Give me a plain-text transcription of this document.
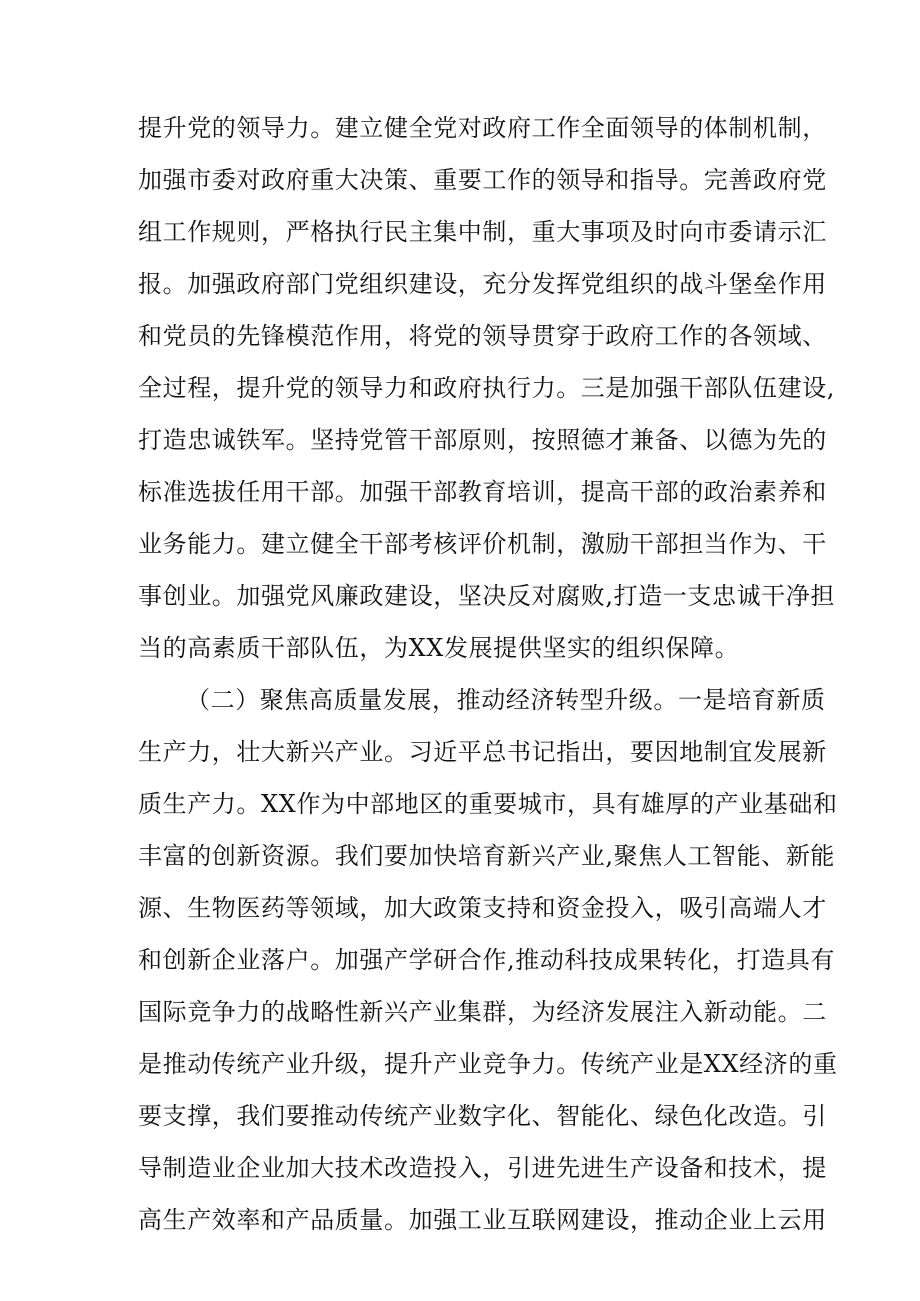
提升党的领导力。建立健全党对政府工作全面领导的体制机制，
加强市委对政府重大决策、重要工作的领导和指导。完善政府党
组工作规则，严格执行民主集中制，重大事项及时向市委请示汇
报。加强政府部门党组织建设，充分发挥党组织的战斗堡垒作用
和党员的先锋模范作用，将党的领导贯穿于政府工作的各领域、
全过程，提升党的领导力和政府执行力。三是加强干部队伍建设,
打造忠诚铁军。坚持党管干部原则，按照德才兼备、以德为先的
标准选拔任用干部。加强干部教育培训，提高干部的政治素养和
业务能力。建立健全干部考核评价机制，激励干部担当作为、干
事创业。加强党风廉政建设，坚决反对腐败,打造一支忠诚干净担
当的高素质干部队伍，为XX发展提供坚实的组织保障。
（二）聚焦高质量发展，推动经济转型升级。一是培育新质
生产力，壮大新兴产业。习近平总书记指出，要因地制宜发展新
质生产力。XX作为中部地区的重要城市，具有雄厚的产业基础和
丰富的创新资源。我们要加快培育新兴产业,聚焦人工智能、新能
源、生物医药等领域，加大政策支持和资金投入，吸引高端人才
和创新企业落户。加强产学研合作,推动科技成果转化，打造具有
国际竞争力的战略性新兴产业集群，为经济发展注入新动能。二
是推动传统产业升级，提升产业竞争力。传统产业是XX经济的重
要支撑，我们要推动传统产业数字化、智能化、绿色化改造。引
导制造业企业加大技术改造投入，引进先进生产设备和技术，提
高生产效率和产品质量。加强工业互联网建设，推动企业上云用
